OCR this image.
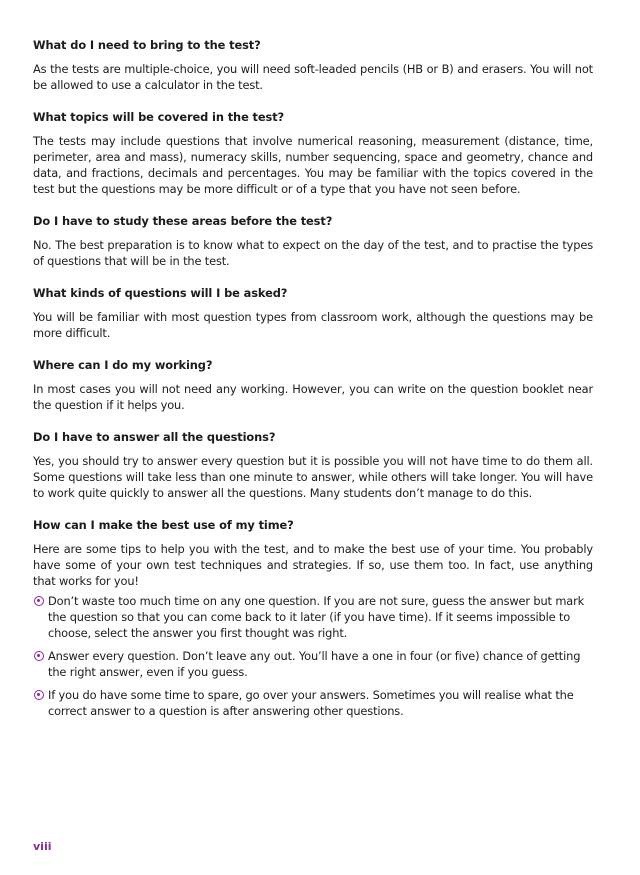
What do I need to bring to the test?

As the tests are multiple-choice, you will need soft-leaded pencils (HB or B) and erasers. You will not be allowed to use a calculator in the test.

What topics will be covered in the test?

The tests may include questions that involve numerical reasoning, measurement (distance, time, perimeter, area and mass), numeracy skills, number sequencing, space and geometry, chance and data, and fractions, decimals and percentages. You may be familiar with the topics covered in the test but the questions may be more difficult or of a type that you have not seen before.

Do I have to study these areas before the test?

No. The best preparation is to know what to expect on the day of the test, and to practise the types of questions that will be in the test.

What kinds of questions will I be asked?

You will be familiar with most question types from classroom work, although the questions may be more difficult.

Where can I do my working?

In most cases you will not need any working. However, you can write on the question booklet near the question if it helps you.

Do I have to answer all the questions?

Yes, you should try to answer every question but it is possible you will not have time to do them all. Some questions will take less than one minute to answer, while others will take longer. You will have to work quite quickly to answer all the questions. Many students don’t manage to do this.

How can I make the best use of my time?

Here are some tips to help you with the test, and to make the best use of your time. You probably have some of your own test techniques and strategies. If so, use them too. In fact, use anything that works for you!

Don’t waste too much time on any one question. If you are not sure, guess the answer but mark the question so that you can come back to it later (if you have time). If it seems impossible to choose, select the answer you first thought was right.
Answer every question. Don’t leave any out. You’ll have a one in four (or five) chance of getting the right answer, even if you guess.
If you do have some time to spare, go over your answers. Sometimes you will realise what the correct answer to a question is after answering other questions.
viii
